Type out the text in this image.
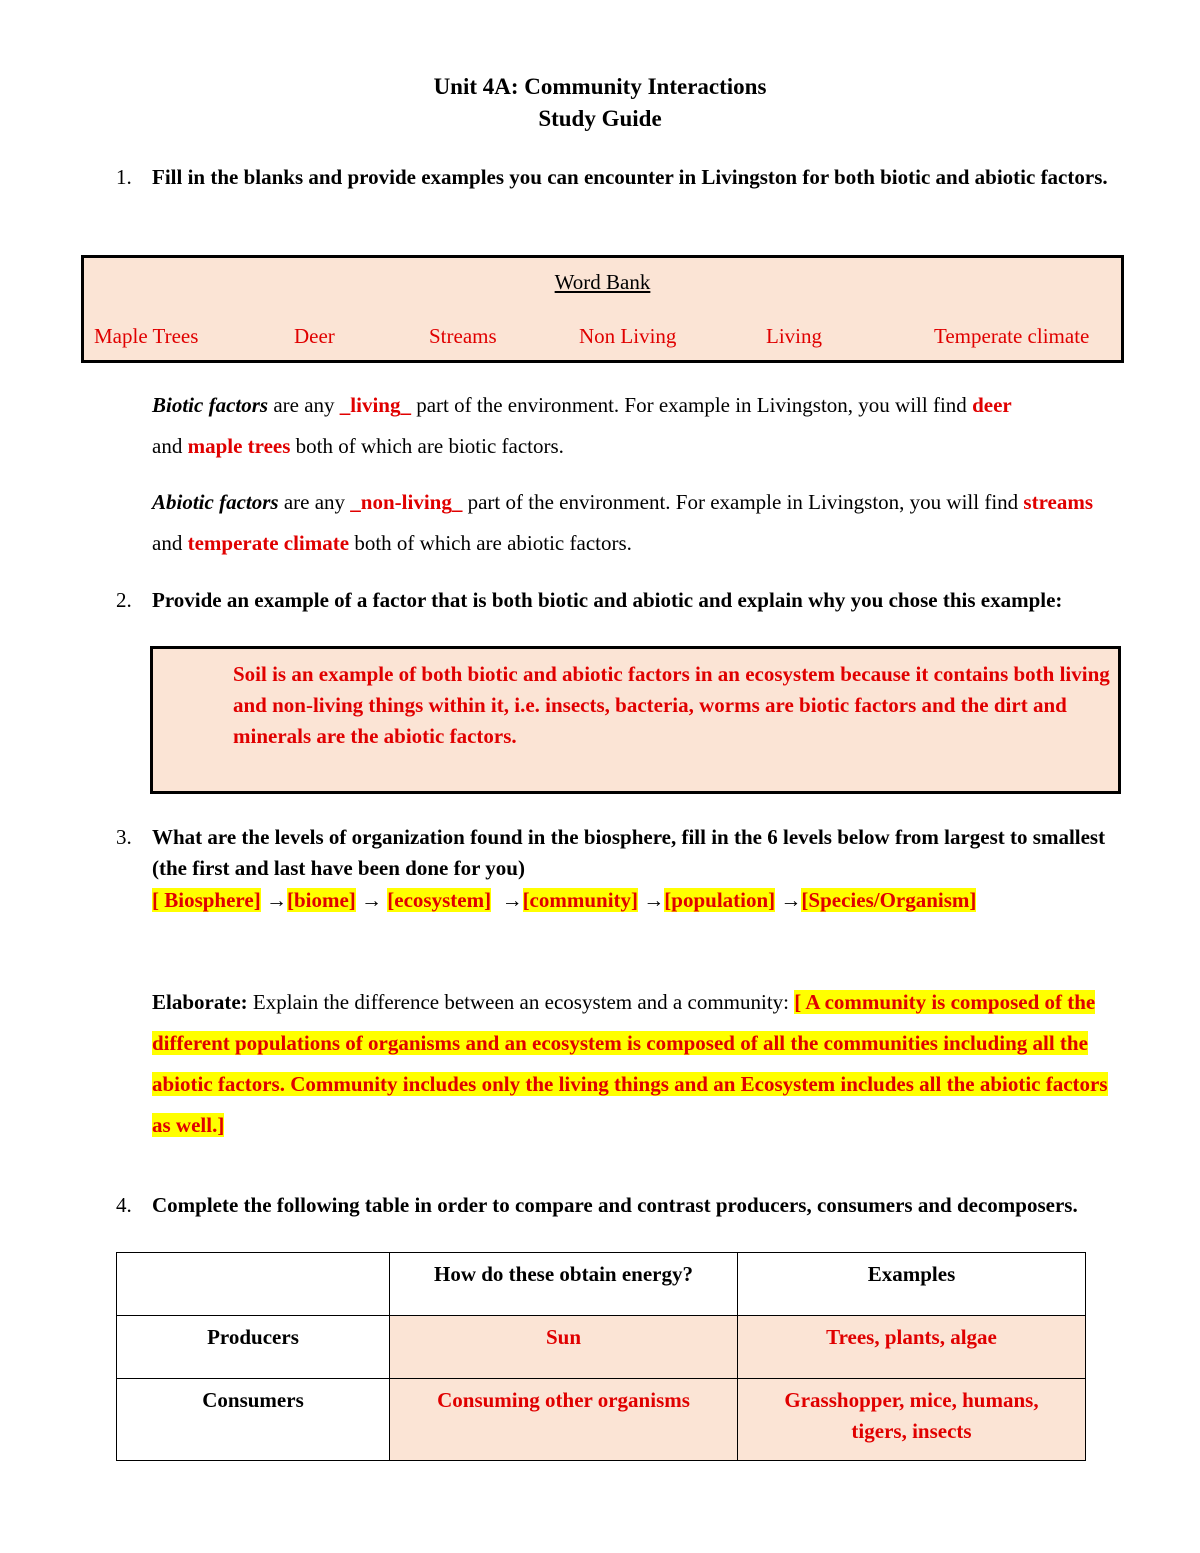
Unit 4A: Community Interactions
Study Guide
1. Fill in the blanks and provide examples you can encounter in Livingston for both biotic and abiotic factors.
Word Bank
Maple Trees	Deer	Streams	Non Living	Living	Temperate climate
Biotic factors are any _living_ part of the environment. For example in Livingston, you will find deer
and maple trees both of which are biotic factors.
Abiotic factors are any _non-living_ part of the environment. For example in Livingston, you will find streams and temperate climate both of which are abiotic factors.
2. Provide an example of a factor that is both biotic and abiotic and explain why you chose this example:
Soil is an example of both biotic and abiotic factors in an ecosystem because it contains both living and non-living things within it, i.e. insects, bacteria, worms are biotic factors and the dirt and minerals are the abiotic factors.
3. What are the levels of organization found in the biosphere, fill in the 6 levels below from largest to smallest (the first and last have been done for you)
[ Biosphere] →[biome] → [ecosystem] →[community] →[population] →[Species/Organism]
Elaborate: Explain the difference between an ecosystem and a community: [ A community is composed of the different populations of organisms and an ecosystem is composed of all the communities including all the abiotic factors. Community includes only the living things and an Ecosystem includes all the abiotic factors as well.]
4. Complete the following table in order to compare and contrast producers, consumers and decomposers.
	How do these obtain energy?	Examples
Producers	Sun	Trees, plants, algae
Consumers	Consuming other organisms	Grasshopper, mice, humans, tigers, insects
